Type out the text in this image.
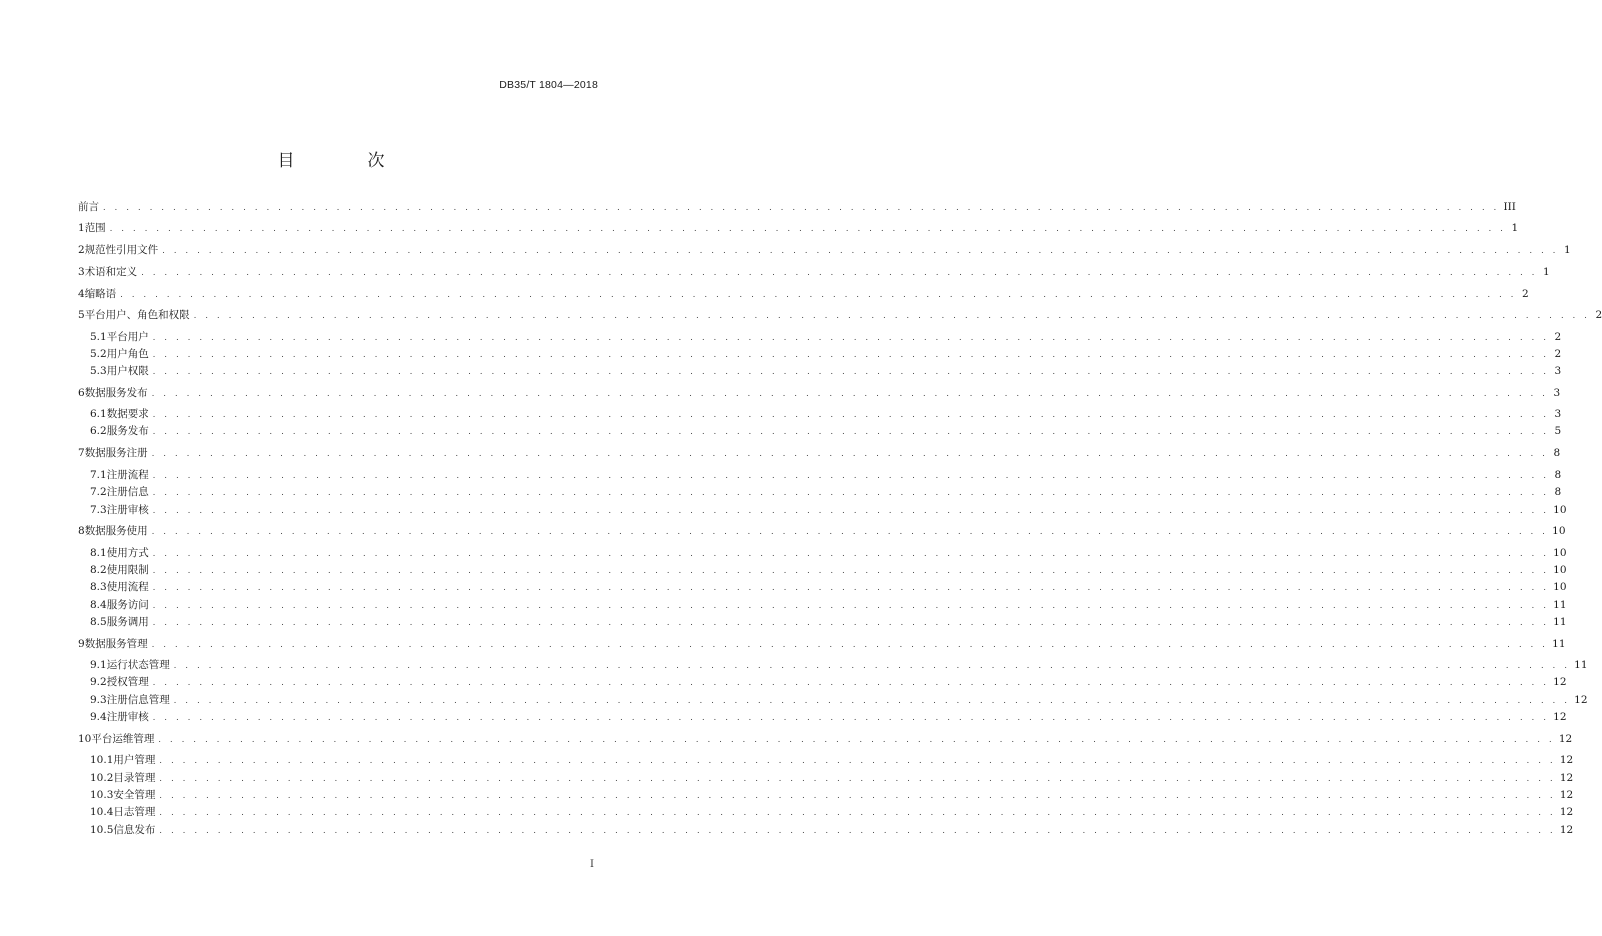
DB35/T 1804—2018
目　次
前言 . . . . . . . . . . . . . . . . . . . . . . . . . . . . . . . . . . . . . . . . . . . . . . . . . . . . . . . . . . . . . . . . . . . . . . . . . . . . . . . . . . . . . . . . . . . . . . . . . . . . . . . . . . . . . . . . . . . . . . . . III
1 范围 . . . . . . . . . . . . . . . . . . . . . . . . . . . . . . . . . . . . . . . . . . . . . . . . . . . . . . . . . . . . . . . . . . . . . . . . . . . . . . . . . . . . . . . . . . . . . . . . . . . . . . . . . . . . . . . . . . . . . . . . 1
2 规范性引用文件 . . . . . . . . . . . . . . . . . . . . . . . . . . . . . . . . . . . . . . . . . . . . . . . . . . . . . . . . . . . . . . . . . . . . . . . . . . . . . . . . . . . . . . . . . . . . . . . . . . . . . . . . . . . . . . . . . . . . . . . . 1
3 术语和定义 . . . . . . . . . . . . . . . . . . . . . . . . . . . . . . . . . . . . . . . . . . . . . . . . . . . . . . . . . . . . . . . . . . . . . . . . . . . . . . . . . . . . . . . . . . . . . . . . . . . . . . . . . . . . . . . . . . . . . . . . 1
4 缩略语 . . . . . . . . . . . . . . . . . . . . . . . . . . . . . . . . . . . . . . . . . . . . . . . . . . . . . . . . . . . . . . . . . . . . . . . . . . . . . . . . . . . . . . . . . . . . . . . . . . . . . . . . . . . . . . . . . . . . . . . . 2
5 平台用户、角色和权限 . . . . . . . . . . . . . . . . . . . . . . . . . . . . . . . . . . . . . . . . . . . . . . . . . . . . . . . . . . . . . . . . . . . . . . . . . . . . . . . . . . . . . . . . . . . . . . . . . . . . . . . . . . . . . . . . . . . . . . . . 2
5.1 平台用户 . . . . . . . . . . . . . . . . . . . . . . . . . . . . . . . . . . . . . . . . . . . . . . . . . . . . . . . . . . . . . . . . . . . . . . . . . . . . . . . . . . . . . . . . . . . . . . . . . . . . . . . . . . . . . . . . . . . . . . . . 2
5.2 用户角色 . . . . . . . . . . . . . . . . . . . . . . . . . . . . . . . . . . . . . . . . . . . . . . . . . . . . . . . . . . . . . . . . . . . . . . . . . . . . . . . . . . . . . . . . . . . . . . . . . . . . . . . . . . . . . . . . . . . . . . . . 2
5.3 用户权限 . . . . . . . . . . . . . . . . . . . . . . . . . . . . . . . . . . . . . . . . . . . . . . . . . . . . . . . . . . . . . . . . . . . . . . . . . . . . . . . . . . . . . . . . . . . . . . . . . . . . . . . . . . . . . . . . . . . . . . . . 3
6 数据服务发布 . . . . . . . . . . . . . . . . . . . . . . . . . . . . . . . . . . . . . . . . . . . . . . . . . . . . . . . . . . . . . . . . . . . . . . . . . . . . . . . . . . . . . . . . . . . . . . . . . . . . . . . . . . . . . . . . . . . . . . . . 3
6.1 数据要求 . . . . . . . . . . . . . . . . . . . . . . . . . . . . . . . . . . . . . . . . . . . . . . . . . . . . . . . . . . . . . . . . . . . . . . . . . . . . . . . . . . . . . . . . . . . . . . . . . . . . . . . . . . . . . . . . . . . . . . . . 3
6.2 服务发布 . . . . . . . . . . . . . . . . . . . . . . . . . . . . . . . . . . . . . . . . . . . . . . . . . . . . . . . . . . . . . . . . . . . . . . . . . . . . . . . . . . . . . . . . . . . . . . . . . . . . . . . . . . . . . . . . . . . . . . . . 5
7 数据服务注册 . . . . . . . . . . . . . . . . . . . . . . . . . . . . . . . . . . . . . . . . . . . . . . . . . . . . . . . . . . . . . . . . . . . . . . . . . . . . . . . . . . . . . . . . . . . . . . . . . . . . . . . . . . . . . . . . . . . . . . . . 8
7.1 注册流程 . . . . . . . . . . . . . . . . . . . . . . . . . . . . . . . . . . . . . . . . . . . . . . . . . . . . . . . . . . . . . . . . . . . . . . . . . . . . . . . . . . . . . . . . . . . . . . . . . . . . . . . . . . . . . . . . . . . . . . . . 8
7.2 注册信息 . . . . . . . . . . . . . . . . . . . . . . . . . . . . . . . . . . . . . . . . . . . . . . . . . . . . . . . . . . . . . . . . . . . . . . . . . . . . . . . . . . . . . . . . . . . . . . . . . . . . . . . . . . . . . . . . . . . . . . . . 8
7.3 注册审核 . . . . . . . . . . . . . . . . . . . . . . . . . . . . . . . . . . . . . . . . . . . . . . . . . . . . . . . . . . . . . . . . . . . . . . . . . . . . . . . . . . . . . . . . . . . . . . . . . . . . . . . . . . . . . . . . . . . . . . . . 10
8 数据服务使用 . . . . . . . . . . . . . . . . . . . . . . . . . . . . . . . . . . . . . . . . . . . . . . . . . . . . . . . . . . . . . . . . . . . . . . . . . . . . . . . . . . . . . . . . . . . . . . . . . . . . . . . . . . . . . . . . . . . . . . . . 10
8.1 使用方式 . . . . . . . . . . . . . . . . . . . . . . . . . . . . . . . . . . . . . . . . . . . . . . . . . . . . . . . . . . . . . . . . . . . . . . . . . . . . . . . . . . . . . . . . . . . . . . . . . . . . . . . . . . . . . . . . . . . . . . . . 10
8.2 使用限制 . . . . . . . . . . . . . . . . . . . . . . . . . . . . . . . . . . . . . . . . . . . . . . . . . . . . . . . . . . . . . . . . . . . . . . . . . . . . . . . . . . . . . . . . . . . . . . . . . . . . . . . . . . . . . . . . . . . . . . . . 10
8.3 使用流程 . . . . . . . . . . . . . . . . . . . . . . . . . . . . . . . . . . . . . . . . . . . . . . . . . . . . . . . . . . . . . . . . . . . . . . . . . . . . . . . . . . . . . . . . . . . . . . . . . . . . . . . . . . . . . . . . . . . . . . . . 10
8.4 服务访问 . . . . . . . . . . . . . . . . . . . . . . . . . . . . . . . . . . . . . . . . . . . . . . . . . . . . . . . . . . . . . . . . . . . . . . . . . . . . . . . . . . . . . . . . . . . . . . . . . . . . . . . . . . . . . . . . . . . . . . . . 11
8.5 服务调用 . . . . . . . . . . . . . . . . . . . . . . . . . . . . . . . . . . . . . . . . . . . . . . . . . . . . . . . . . . . . . . . . . . . . . . . . . . . . . . . . . . . . . . . . . . . . . . . . . . . . . . . . . . . . . . . . . . . . . . . . 11
9 数据服务管理 . . . . . . . . . . . . . . . . . . . . . . . . . . . . . . . . . . . . . . . . . . . . . . . . . . . . . . . . . . . . . . . . . . . . . . . . . . . . . . . . . . . . . . . . . . . . . . . . . . . . . . . . . . . . . . . . . . . . . . . . 11
9.1 运行状态管理 . . . . . . . . . . . . . . . . . . . . . . . . . . . . . . . . . . . . . . . . . . . . . . . . . . . . . . . . . . . . . . . . . . . . . . . . . . . . . . . . . . . . . . . . . . . . . . . . . . . . . . . . . . . . . . . . . . . . . . . . 11
9.2 授权管理 . . . . . . . . . . . . . . . . . . . . . . . . . . . . . . . . . . . . . . . . . . . . . . . . . . . . . . . . . . . . . . . . . . . . . . . . . . . . . . . . . . . . . . . . . . . . . . . . . . . . . . . . . . . . . . . . . . . . . . . . 12
9.3 注册信息管理 . . . . . . . . . . . . . . . . . . . . . . . . . . . . . . . . . . . . . . . . . . . . . . . . . . . . . . . . . . . . . . . . . . . . . . . . . . . . . . . . . . . . . . . . . . . . . . . . . . . . . . . . . . . . . . . . . . . . . . . . 12
9.4 注册审核 . . . . . . . . . . . . . . . . . . . . . . . . . . . . . . . . . . . . . . . . . . . . . . . . . . . . . . . . . . . . . . . . . . . . . . . . . . . . . . . . . . . . . . . . . . . . . . . . . . . . . . . . . . . . . . . . . . . . . . . . 12
10 平台运维管理 . . . . . . . . . . . . . . . . . . . . . . . . . . . . . . . . . . . . . . . . . . . . . . . . . . . . . . . . . . . . . . . . . . . . . . . . . . . . . . . . . . . . . . . . . . . . . . . . . . . . . . . . . . . . . . . . . . . . . . . . 12
10.1 用户管理 . . . . . . . . . . . . . . . . . . . . . . . . . . . . . . . . . . . . . . . . . . . . . . . . . . . . . . . . . . . . . . . . . . . . . . . . . . . . . . . . . . . . . . . . . . . . . . . . . . . . . . . . . . . . . . . . . . . . . . . . 12
10.2 目录管理 . . . . . . . . . . . . . . . . . . . . . . . . . . . . . . . . . . . . . . . . . . . . . . . . . . . . . . . . . . . . . . . . . . . . . . . . . . . . . . . . . . . . . . . . . . . . . . . . . . . . . . . . . . . . . . . . . . . . . . . . 12
10.3 安全管理 . . . . . . . . . . . . . . . . . . . . . . . . . . . . . . . . . . . . . . . . . . . . . . . . . . . . . . . . . . . . . . . . . . . . . . . . . . . . . . . . . . . . . . . . . . . . . . . . . . . . . . . . . . . . . . . . . . . . . . . . 12
10.4 日志管理 . . . . . . . . . . . . . . . . . . . . . . . . . . . . . . . . . . . . . . . . . . . . . . . . . . . . . . . . . . . . . . . . . . . . . . . . . . . . . . . . . . . . . . . . . . . . . . . . . . . . . . . . . . . . . . . . . . . . . . . . 12
10.5 信息发布 . . . . . . . . . . . . . . . . . . . . . . . . . . . . . . . . . . . . . . . . . . . . . . . . . . . . . . . . . . . . . . . . . . . . . . . . . . . . . . . . . . . . . . . . . . . . . . . . . . . . . . . . . . . . . . . . . . . . . . . . 12
I
